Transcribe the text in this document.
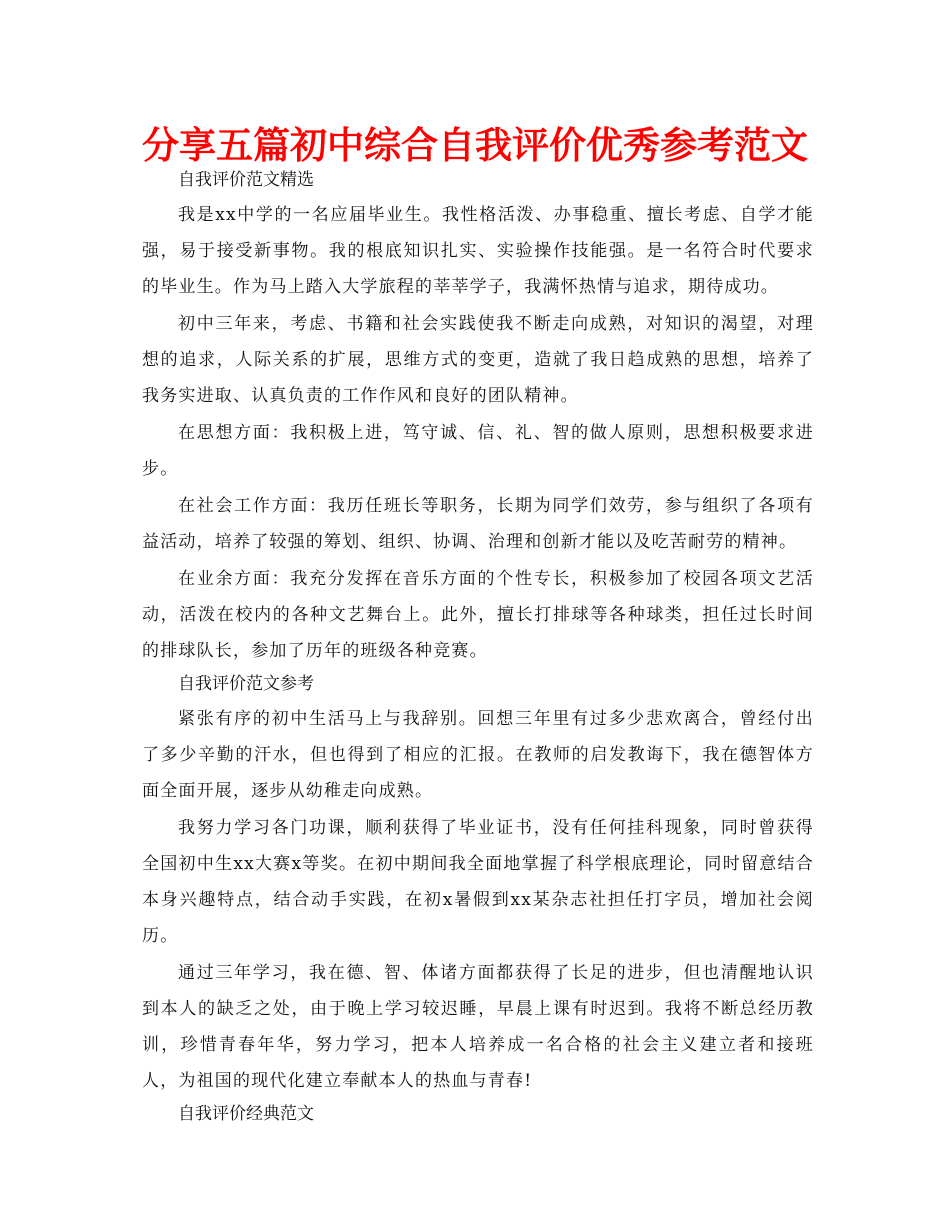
分享五篇初中综合自我评价优秀参考范文

自我评价范文精选

我是xx中学的一名应届毕业生。我性格活泼、办事稳重、擅长考虑、自学才能强，易于接受新事物。我的根底知识扎实、实验操作技能强。是一名符合时代要求的毕业生。作为马上踏入大学旅程的莘莘学子，我满怀热情与追求，期待成功。

初中三年来，考虑、书籍和社会实践使我不断走向成熟，对知识的渴望，对理想的追求，人际关系的扩展，思维方式的变更，造就了我日趋成熟的思想，培养了我务实进取、认真负责的工作作风和良好的团队精神。

在思想方面：我积极上进，笃守诚、信、礼、智的做人原则，思想积极要求进步。

在社会工作方面：我历任班长等职务，长期为同学们效劳，参与组织了各项有益活动，培养了较强的筹划、组织、协调、治理和创新才能以及吃苦耐劳的精神。

在业余方面：我充分发挥在音乐方面的个性专长，积极参加了校园各项文艺活动，活泼在校内的各种文艺舞台上。此外，擅长打排球等各种球类，担任过长时间的排球队长，参加了历年的班级各种竞赛。

自我评价范文参考

紧张有序的初中生活马上与我辞别。回想三年里有过多少悲欢离合，曾经付出了多少辛勤的汗水，但也得到了相应的汇报。在教师的启发教诲下，我在德智体方面全面开展，逐步从幼稚走向成熟。

我努力学习各门功课，顺利获得了毕业证书，没有任何挂科现象，同时曾获得全国初中生xx大赛x等奖。在初中期间我全面地掌握了科学根底理论，同时留意结合本身兴趣特点，结合动手实践，在初x暑假到xx某杂志社担任打字员，增加社会阅历。

通过三年学习，我在德、智、体诸方面都获得了长足的进步，但也清醒地认识到本人的缺乏之处，由于晚上学习较迟睡，早晨上课有时迟到。我将不断总经历教训，珍惜青春年华，努力学习，把本人培养成一名合格的社会主义建立者和接班人，为祖国的现代化建立奉献本人的热血与青春!

自我评价经典范文
